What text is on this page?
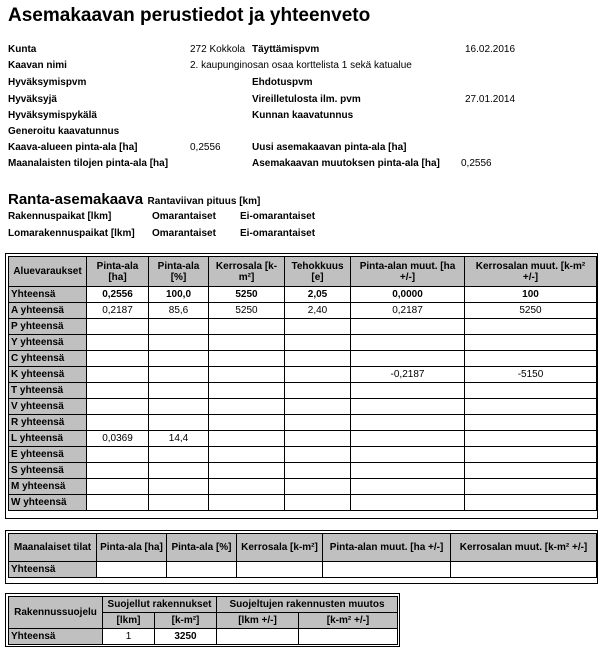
Asemakaavan perustiedot ja yhteenveto
Kunta	272 Kokkola Täyttämispvm	16.02.2016
Kaavan nimi	2. kaupunginosan osaa korttelista 1 sekä katualue
Hyväksymispvm	Ehdotuspvm
Hyväksyjä	Vireilletulosta ilm. pvm	27.01.2014
Hyväksymispykälä	Kunnan kaavatunnus
Generoitu kaavatunnus
Kaava-alueen pinta-ala [ha]	0,2556	Uusi asemakaavan pinta-ala [ha]
Maanalaisten tilojen pinta-ala [ha]	Asemakaavan muutoksen pinta-ala [ha] 0,2556
Ranta-asemakaava Rantaviivan pituus [km]
Rakennuspaikat [lkm]	Omarantaiset Ei-omarantaiset
Lomarakennuspaikat [lkm] Omarantaiset Ei-omarantaiset
Aluevaraukset	Pinta-ala [ha]	Pinta-ala [%]	Kerrosala [k-m²]	Tehokkuus [e]	Pinta-alan muut. [ha +/-]	Kerrosalan muut. [k-m² +/-]
Yhteensä	0,2556	100,0	5250	2,05	0,0000	100
A yhteensä	0,2187	85,6	5250	2,40	0,2187	5250
P yhteensä						
Y yhteensä						
C yhteensä						
K yhteensä					-0,2187	-5150
T yhteensä						
V yhteensä						
R yhteensä						
L yhteensä	0,0369	14,4				
E yhteensä						
S yhteensä						
M yhteensä						
W yhteensä						
Maanalaiset tilat	Pinta-ala [ha]	Pinta-ala [%]	Kerrosala [k-m²]	Pinta-alan muut. [ha +/-]	Kerrosalan muut. [k-m² +/-]
Yhteensä					
Rakennussuojelu	Suojellut rakennukset		Suojeltujen rakennusten muutos	
	[lkm]	[k-m²]	[lkm +/-]	[k-m² +/-]
Yhteensä	1	3250		
